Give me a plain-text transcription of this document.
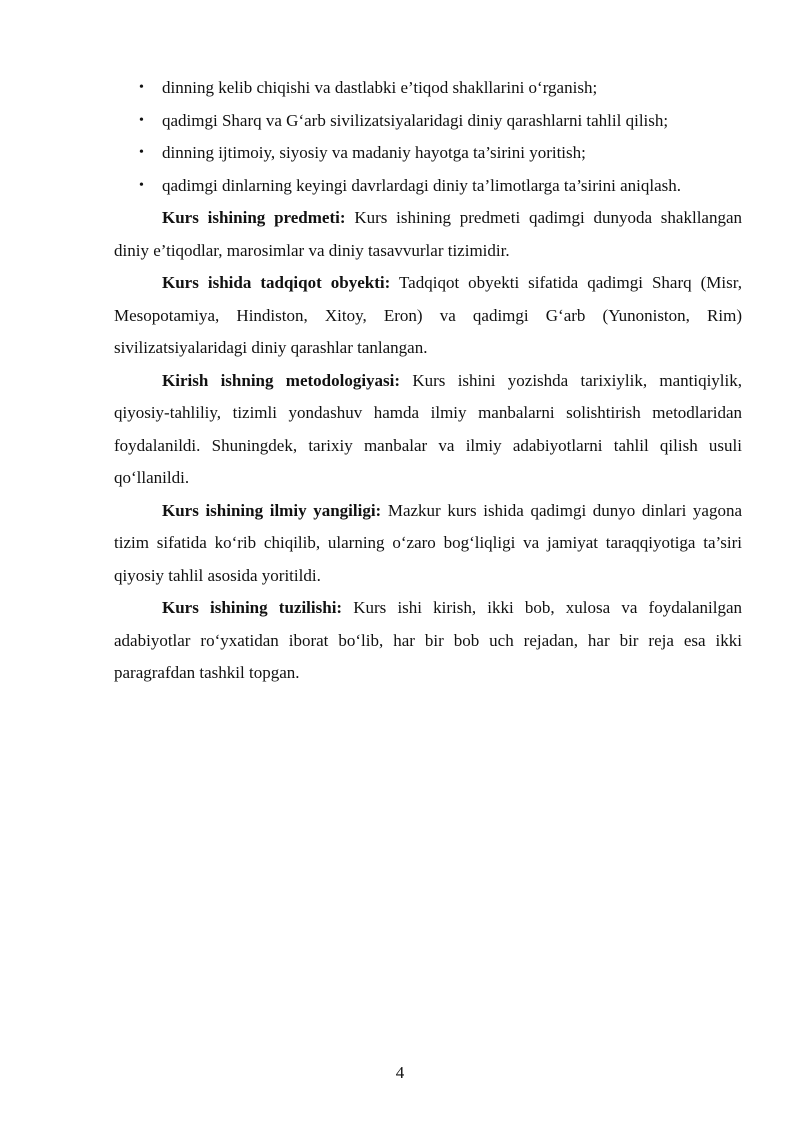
• dinning kelib chiqishi va dastlabki e’tiqod shakllarini o‘rganish;
• qadimgi Sharq va G‘arb sivilizatsiyalaridagi diniy qarashlarni tahlil qilish;
• dinning ijtimoiy, siyosiy va madaniy hayotga ta’sirini yoritish;
• qadimgi dinlarning keyingi davrlardagi diniy ta’limotlarga ta’sirini aniqlash.

Kurs ishining predmeti: Kurs ishining predmeti qadimgi dunyoda shakllangan diniy e’tiqodlar, marosimlar va diniy tasavvurlar tizimidir.

Kurs ishida tadqiqot obyekti: Tadqiqot obyekti sifatida qadimgi Sharq (Misr, Mesopotamiya, Hindiston, Xitoy, Eron) va qadimgi G‘arb (Yunoniston, Rim) sivilizatsiyalaridagi diniy qarashlar tanlangan.

Kirish ishning metodologiyasi: Kurs ishini yozishda tarixiylik, mantiqiylik, qiyosiy-tahliliy, tizimli yondashuv hamda ilmiy manbalarni solishtirish metodlaridan foydalanildi. Shuningdek, tarixiy manbalar va ilmiy adabiyotlarni tahlil qilish usuli qo‘llanildi.

Kurs ishining ilmiy yangiligi: Mazkur kurs ishida qadimgi dunyo dinlari yagona tizim sifatida ko‘rib chiqilib, ularning o‘zaro bog‘liqligi va jamiyat taraqqiyotiga ta’siri qiyosiy tahlil asosida yoritildi.

Kurs ishining tuzilishi: Kurs ishi kirish, ikki bob, xulosa va foydalanilgan adabiyotlar ro‘yxatidan iborat bo‘lib, har bir bob uch rejadan, har bir reja esa ikki paragrafdan tashkil topgan.

4
